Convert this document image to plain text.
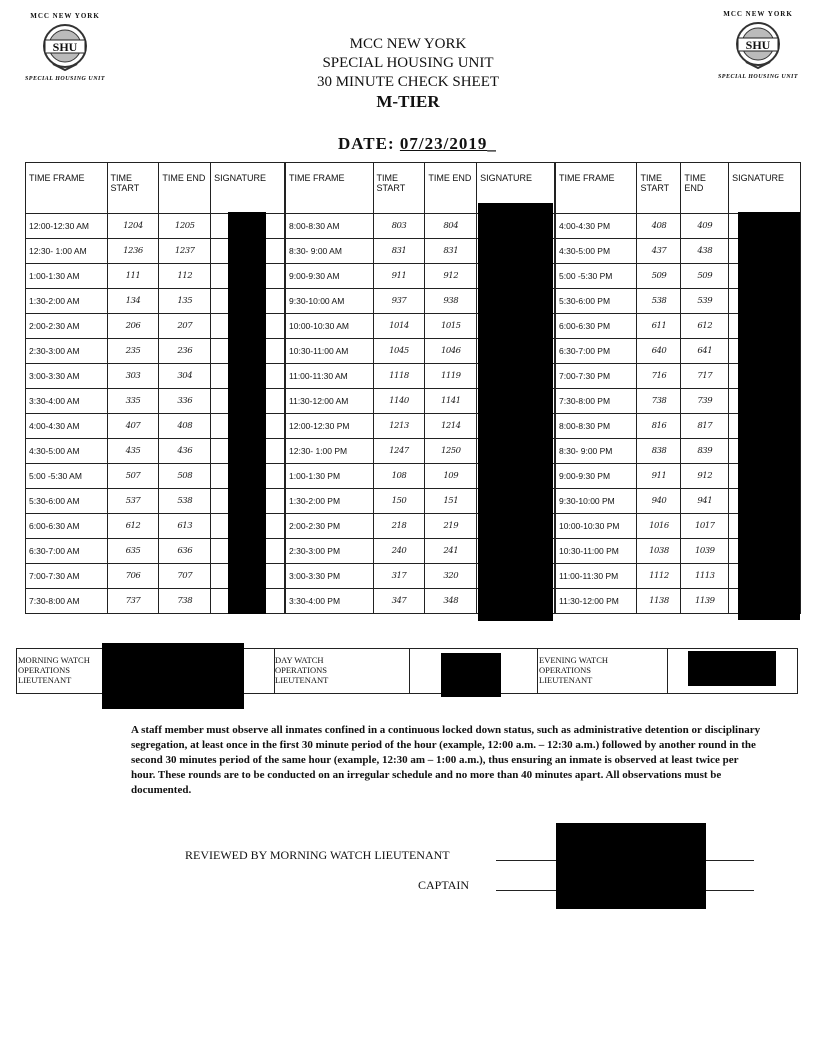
MCC NEW YORK
SHU
SPECIAL HOUSING UNIT
MCC NEW YORK
SHU
SPECIAL HOUSING UNIT
MCC NEW YORK
SPECIAL HOUSING UNIT
30 MINUTE CHECK SHEET
M-TIER
DATE: 07/23/2019_
TIME FRAME	TIME START	TIME END	SIGNATURE
12:00-12:30 AM	1204	1205	
12:30- 1:00 AM	1236	1237	
1:00-1:30 AM	111	112	
1:30-2:00 AM	134	135	
2:00-2:30 AM	206	207	
2:30-3:00 AM	235	236	
3:00-3:30 AM	303	304	
3:30-4:00 AM	335	336	
4:00-4:30 AM	407	408	
4:30-5:00 AM	435	436	
5:00 -5:30 AM	507	508	
5:30-6:00 AM	537	538	
6:00-6:30 AM	612	613	
6:30-7:00 AM	635	636	
7:00-7:30 AM	706	707	
7:30-8:00 AM	737	738	
TIME FRAME	TIME START	TIME END	SIGNATURE
8:00-8:30 AM	803	804	
8:30- 9:00 AM	831	831	
9:00-9:30 AM	911	912	
9:30-10:00 AM	937	938	
10:00-10:30 AM	1014	1015	
10:30-11:00 AM	1045	1046	
11:00-11:30 AM	1118	1119	
11:30-12:00 AM	1140	1141	
12:00-12:30 PM	1213	1214	
12:30- 1:00 PM	1247	1250	
1:00-1:30 PM	108	109	
1:30-2:00 PM	150	151	
2:00-2:30 PM	218	219	
2:30-3:00 PM	240	241	
3:00-3:30 PM	317	320	
3:30-4:00 PM	347	348	
TIME FRAME	TIME START	TIME END	SIGNATURE
4:00-4:30 PM	408	409	
4:30-5:00 PM	437	438	
5:00 -5:30 PM	509	509	
5:30-6:00 PM	538	539	
6:00-6:30 PM	611	612	
6:30-7:00 PM	640	641	
7:00-7:30 PM	716	717	
7:30-8:00 PM	738	739	
8:00-8:30 PM	816	817	
8:30- 9:00 PM	838	839	
9:00-9:30 PM	911	912	
9:30-10:00 PM	940	941	
10:00-10:30 PM	1016	1017	
10:30-11:00 PM	1038	1039	
11:00-11:30 PM	1112	1113	
11:30-12:00 PM	1138	1139	
MORNING WATCH OPERATIONS LIEUTENANT
DAY WATCH OPERATIONS LIEUTENANT
EVENING WATCH OPERATIONS LIEUTENANT
A staff member must observe all inmates confined in a continuous locked down status, such as administrative detention or disciplinary segregation, at least once in the first 30 minute period of the hour (example, 12:00 a.m. – 12:30 a.m.) followed by another round in the second 30 minutes period of the same hour (example, 12:30 am – 1:00 a.m.), thus ensuring an inmate is observed at least twice per hour. These rounds are to be conducted on an irregular schedule and no more than 40 minutes apart. All observations must be documented.
REVIEWED BY MORNING WATCH LIEUTENANT
CAPTAIN
